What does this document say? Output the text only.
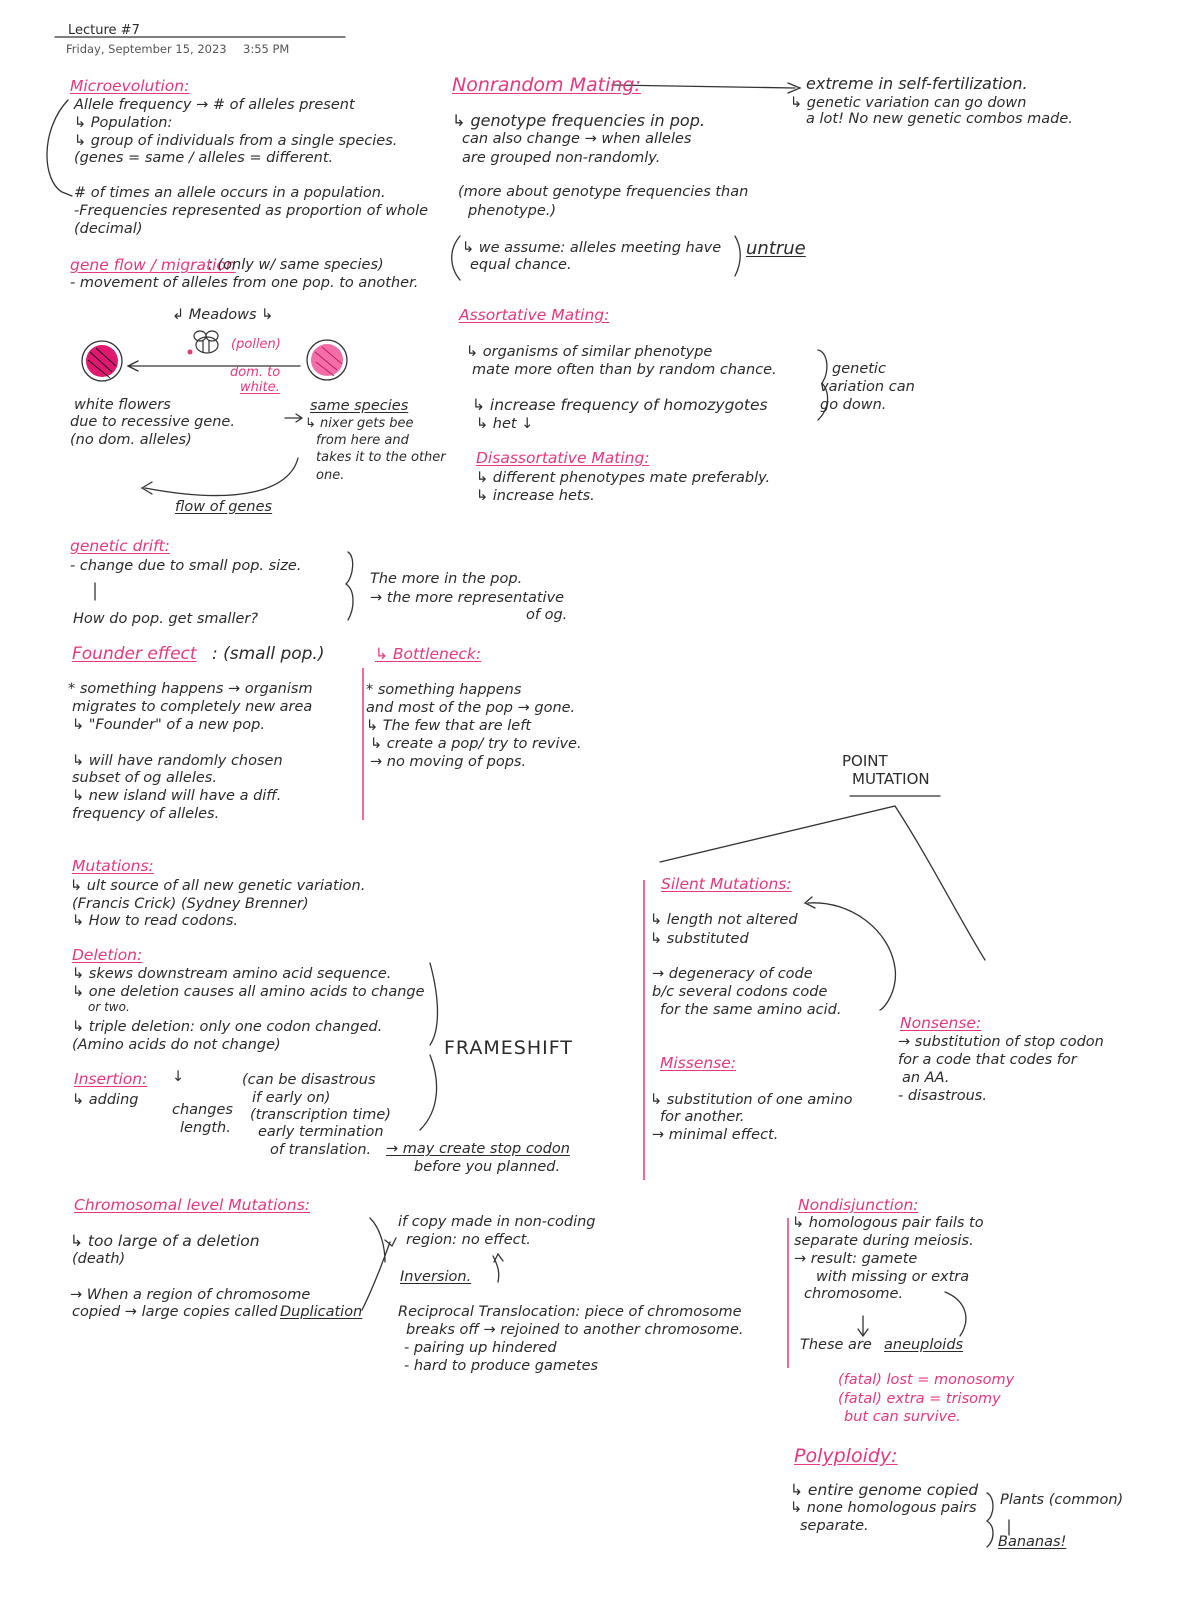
Lecture #7
Friday, September 15, 2023 3:55 PM
Microevolution:
Allele frequency → # of alleles present
↳ Population:
↳ group of individuals from a single species.
(genes = same / alleles = different.
# of times an allele occurs in a population.
-Frequencies represented as proportion of whole
(decimal)
gene flow / migration
: (only w/ same species)
- movement of alleles from one pop. to another.
↲ Meadows ↳
(pollen)
dom. to
white.
white flowers
due to recessive gene.
(no dom. alleles)
same species
↳ nixer gets bee
from here and
takes it to the other
one.
flow of genes
genetic drift:
- change due to small pop. size.
How do pop. get smaller?
The more in the pop.
→ the more representative
of og.
Founder effect : (small pop.)
* something happens → organism
migrates to completely new area
↳ "Founder" of a new pop.
↳ will have randomly chosen
subset of og alleles.
↳ new island will have a diff.
frequency of alleles.
↳ Bottleneck:
* something happens
and most of the pop → gone.
↳ The few that are left
↳ create a pop/ try to revive.
→ no moving of pops.
Nonrandom Mating:	extreme in self-fertilization.
↳ genetic variation can go down
a lot! No new genetic combos made.
↳ genotype frequencies in pop.
can also change → when alleles
are grouped non-randomly.
(more about genotype frequencies than
phenotype.)
↳ we assume: alleles meeting have
equal chance.
untrue
Assortative Mating:
↳ organisms of similar phenotype
mate more often than by random chance.
↳ increase frequency of homozygotes
↳ het ↓
genetic
variation can
go down.
Disassortative Mating:
↳ different phenotypes mate preferably.
↳ increase hets.
Mutations:
↳ ult source of all new genetic variation.
(Francis Crick) (Sydney Brenner)
↳ How to read codons.
Deletion:
↳ skews downstream amino acid sequence.
↳ one deletion causes all amino acids to change
or two.
↳ triple deletion: only one codon changed.
(Amino acids do not change)	FRAMESHIFT
Insertion:
↳ adding
↓
changes
length.
(can be disastrous
if early on)
(transcription time)
early termination
of translation. → may create stop codon
before you planned.
POINT
MUTATION
Silent Mutations:
↳ length not altered
↳ substituted
→ degeneracy of code
b/c several codons code
for the same amino acid.
Missense:
↳ substitution of one amino
for another.
→ minimal effect.
Nonsense:
→ substitution of stop codon
for a code that codes for
an AA.
- disastrous.
Chromosomal level Mutations:
↳ too large of a deletion
(death)
→ When a region of chromosome
copied → large copies called Duplication
if copy made in non-coding
region: no effect.
Inversion.
Reciprocal Translocation: piece of chromosome
breaks off → rejoined to another chromosome.
- pairing up hindered
- hard to produce gametes
Nondisjunction:
↳ homologous pair fails to
separate during meiosis.
→ result: gamete
with missing or extra
chromosome.
These are aneuploids
(fatal) lost = monosomy
(fatal) extra = trisomy
but can survive.
Polyploidy:
↳ entire genome copied
↳ none homologous pairs
separate.
Plants (common)
Bananas!
